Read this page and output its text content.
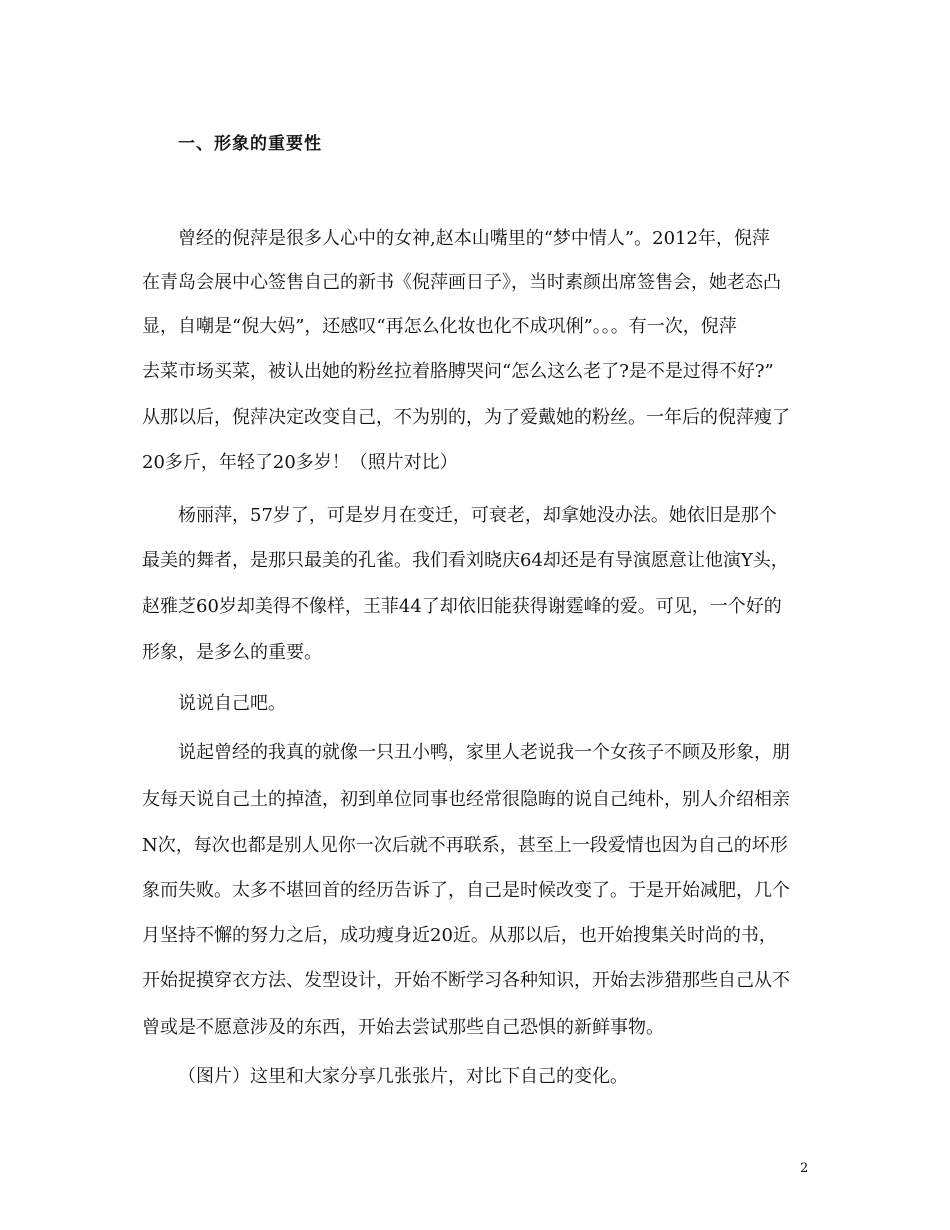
一、形象的重要性
曾经的倪萍是很多人心中的女神,赵本山嘴里的“梦中情人”。2012年，倪萍
在青岛会展中心签售自己的新书《倪萍画日子》，当时素颜出席签售会，她老态凸
显，自嘲是“倪大妈”，还感叹“再怎么化妆也化不成巩俐”。。。有一次，倪萍
去菜市场买菜，被认出她的粉丝拉着胳膊哭问“怎么这么老了?是不是过得不好?”
从那以后，倪萍决定改变自己，不为别的，为了爱戴她的粉丝。一年后的倪萍瘦了
20多斤，年轻了20多岁！（照片对比）
杨丽萍，57岁了，可是岁月在变迁，可衰老，却拿她没办法。她依旧是那个
最美的舞者，是那只最美的孔雀。我们看刘晓庆64却还是有导演愿意让他演Y头，
赵雅芝60岁却美得不像样，王菲44了却依旧能获得谢霆峰的爱。可见，一个好的
形象，是多么的重要。
说说自己吧。
说起曾经的我真的就像一只丑小鸭，家里人老说我一个女孩子不顾及形象，朋
友每天说自己土的掉渣，初到单位同事也经常很隐晦的说自己纯朴，别人介绍相亲
N次，每次也都是别人见你一次后就不再联系，甚至上一段爱情也因为自己的坏形
象而失败。太多不堪回首的经历告诉了，自己是时候改变了。于是开始减肥，几个
月坚持不懈的努力之后，成功瘦身近20近。从那以后，也开始搜集关时尚的书，
开始捉摸穿衣方法、发型设计，开始不断学习各种知识，开始去涉猎那些自己从不
曾或是不愿意涉及的东西，开始去尝试那些自己恐惧的新鲜事物。
（图片）这里和大家分享几张张片，对比下自己的变化。
2
